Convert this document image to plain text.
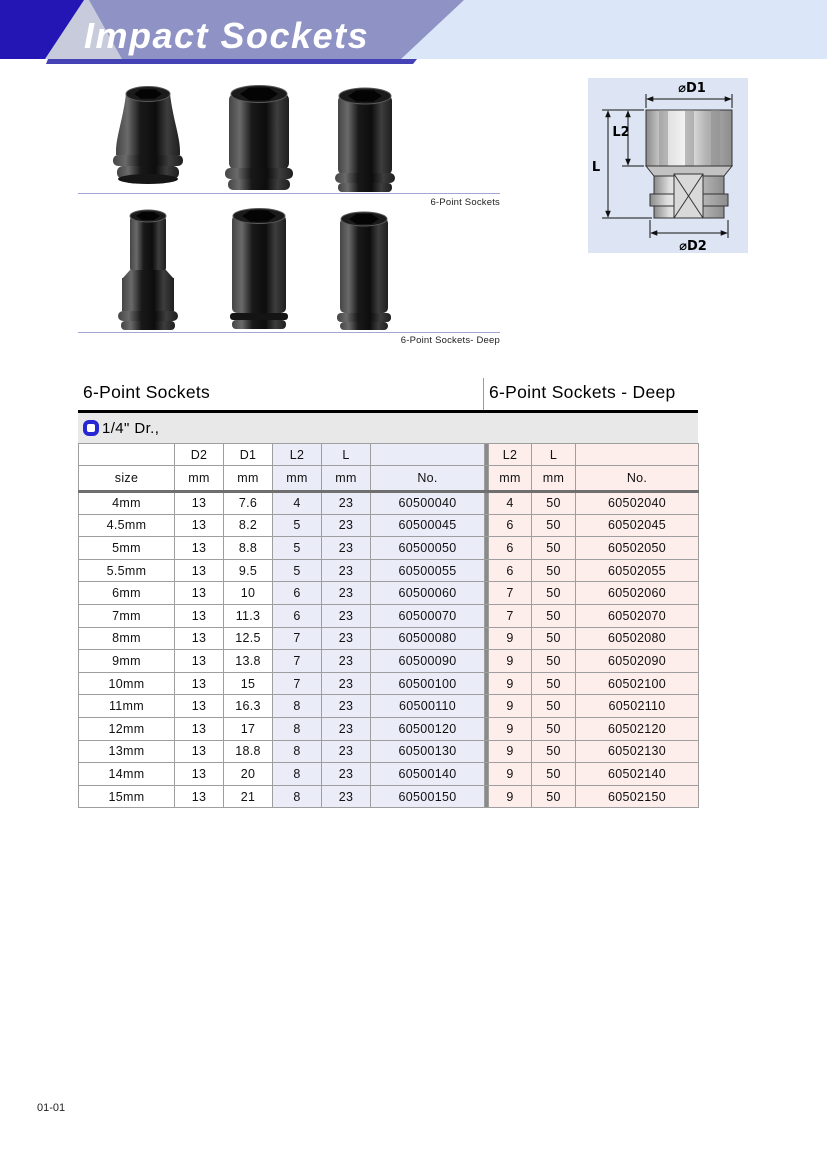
Impact Sockets
6-Point Sockets
6-Point Sockets- Deep
⌀D1
⌀D2
L
L2
6-Point Sockets	6-Point Sockets - Deep
1/4" Dr.,
	D2	D1	L2	L			L2	L	
size	mm	mm	mm	mm	No.		mm	mm	No.
4mm	13	7.6	4	23	60500040		4	50	60502040
4.5mm	13	8.2	5	23	60500045		6	50	60502045
5mm	13	8.8	5	23	60500050		6	50	60502050
5.5mm	13	9.5	5	23	60500055		6	50	60502055
6mm	13	10	6	23	60500060		7	50	60502060
7mm	13	11.3	6	23	60500070		7	50	60502070
8mm	13	12.5	7	23	60500080		9	50	60502080
9mm	13	13.8	7	23	60500090		9	50	60502090
10mm	13	15	7	23	60500100		9	50	60502100
11mm	13	16.3	8	23	60500110		9	50	60502110
12mm	13	17	8	23	60500120		9	50	60502120
13mm	13	18.8	8	23	60500130		9	50	60502130
14mm	13	20	8	23	60500140		9	50	60502140
15mm	13	21	8	23	60500150		9	50	60502150
01-01
